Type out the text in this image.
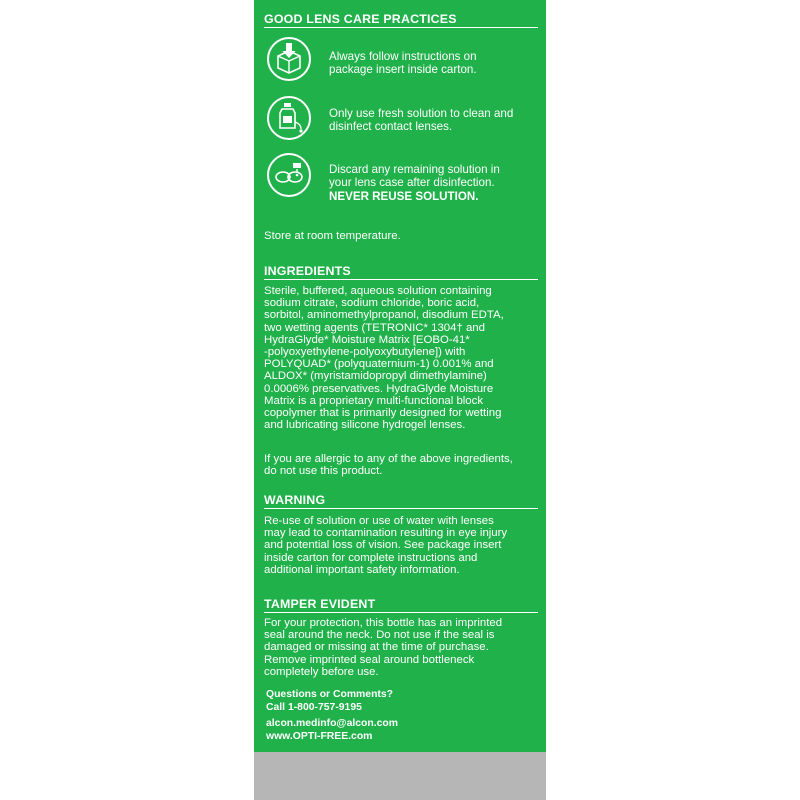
GOOD LENS CARE PRACTICES
Always follow instructions on
package insert inside carton.
Only use fresh solution to clean and
disinfect contact lenses.
Discard any remaining solution in
your lens case after disinfection.
NEVER REUSE SOLUTION.
Store at room temperature.
INGREDIENTS
Sterile, buffered, aqueous solution containing
sodium citrate, sodium chloride, boric acid,
sorbitol, aminomethylpropanol, disodium EDTA,
two wetting agents (TETRONIC* 1304† and
HydraGlyde* Moisture Matrix [EOBO-41*
-polyoxyethylene-polyoxybutylene]) with
POLYQUAD* (polyquaternium-1) 0.001% and
ALDOX* (myristamidopropyl dimethylamine)
0.0006% preservatives. HydraGlyde Moisture
Matrix is a proprietary multi-functional block
copolymer that is primarily designed for wetting
and lubricating silicone hydrogel lenses.
If you are allergic to any of the above ingredients,
do not use this product.
WARNING
Re-use of solution or use of water with lenses
may lead to contamination resulting in eye injury
and potential loss of vision. See package insert
inside carton for complete instructions and
additional important safety information.
TAMPER EVIDENT
For your protection, this bottle has an imprinted
seal around the neck. Do not use if the seal is
damaged or missing at the time of purchase.
Remove imprinted seal around bottleneck
completely before use.
Questions or Comments?
Call 1-800-757-9195
alcon.medinfo@alcon.com
www.OPTI-FREE.com
